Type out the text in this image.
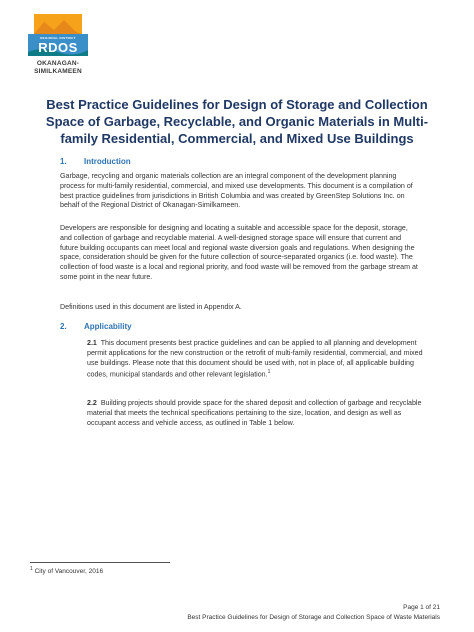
REGIONAL DISTRICT
RDOS
OKANAGAN-
SIMILKAMEEN
Best Practice Guidelines for Design of Storage and Collection Space of Garbage, Recyclable, and Organic Materials in Multi-family Residential, Commercial, and Mixed Use Buildings
1. Introduction
Garbage, recycling and organic materials collection are an integral component of the development planning process for multi-family residential, commercial, and mixed use developments. This document is a compilation of best practice guidelines from jurisdictions in British Columbia and was created by GreenStep Solutions Inc. on behalf of the Regional District of Okanagan-Similkameen.
Developers are responsible for designing and locating a suitable and accessible space for the deposit, storage, and collection of garbage and recyclable material. A well-designed storage space will ensure that current and future building occupants can meet local and regional waste diversion goals and regulations. When designing the space, consideration should be given for the future collection of source-separated organics (i.e. food waste). The collection of food waste is a local and regional priority, and food waste will be removed from the garbage stream at some point in the near future.
Definitions used in this document are listed in Appendix A.
2. Applicability
2.1 This document presents best practice guidelines and can be applied to all planning and development permit applications for the new construction or the retrofit of multi-family residential, commercial, and mixed use buildings. Please note that this document should be used with, not in place of, all applicable building codes, municipal standards and other relevant legislation.$^1$
2.2 Building projects should provide space for the shared deposit and collection of garbage and recyclable material that meets the technical specifications pertaining to the size, location, and design as well as occupant access and vehicle access, as outlined in Table 1 below.
$^1$ City of Vancouver, 2016
Page 1 of 21
Best Practice Guidelines for Design of Storage and Collection Space of Waste Materials
